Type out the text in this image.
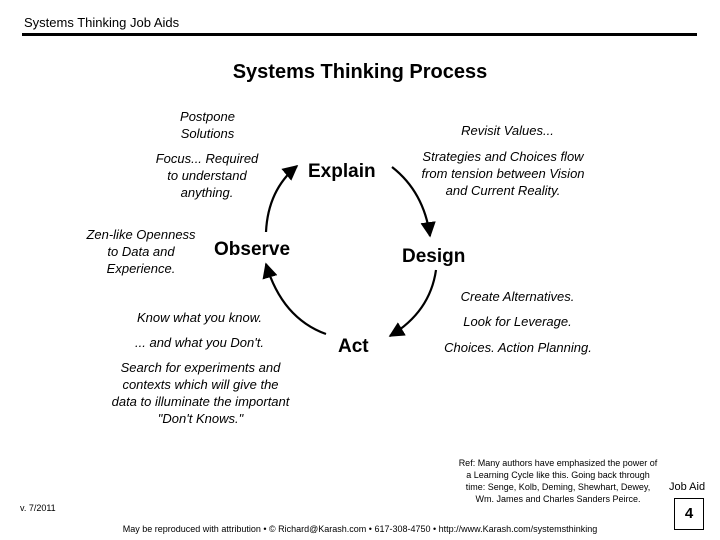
Systems Thinking Job Aids
Systems Thinking Process
Explain
Observe	Design
Act
Postpone
Solutions
Focus... Required
to understand
anything.
Zen-like Openness
to Data and
Experience.
Revisit Values...
Strategies and Choices flow
from tension between Vision
and Current Reality.
Create Alternatives.
Look for Leverage.
Choices. Action Planning.
Know what you know.
... and what you Don't.
Search for experiments and
contexts which will give the
data to illuminate the important
"Don't Knows."
Ref: Many authors have emphasized the power of
a Learning Cycle like this. Going back through
time: Senge, Kolb, Deming, Shewhart, Dewey,
Wm. James and Charles Sanders Peirce.
v. 7/2011
Job Aid
4
May be reproduced with attribution • © Richard@Karash.com • 617-308-4750 • http://www.Karash.com/systemsthinking
